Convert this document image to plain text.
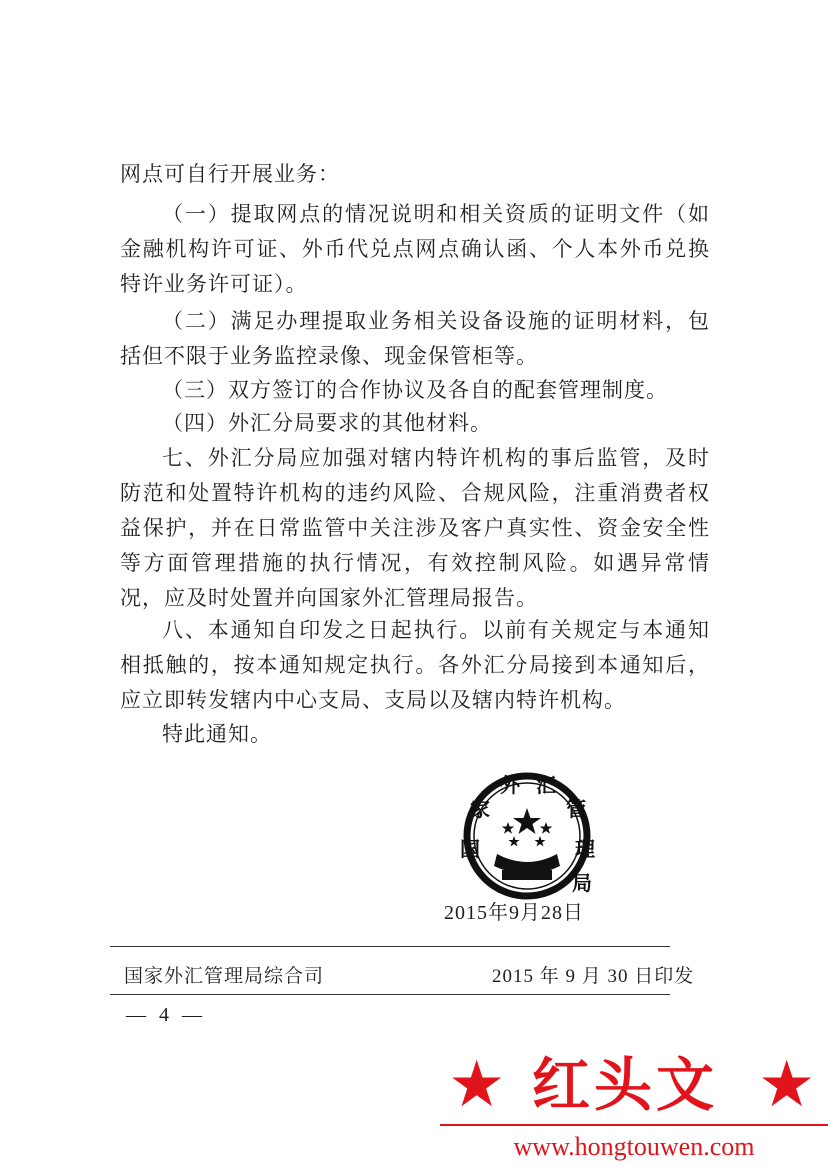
网点可自行开展业务：

（一）提取网点的情况说明和相关资质的证明文件（如金融机构许可证、外币代兑点网点确认函、个人本外币兑换特许业务许可证）。

（二）满足办理提取业务相关设备设施的证明材料，包括但不限于业务监控录像、现金保管柜等。

（三）双方签订的合作协议及各自的配套管理制度。

（四）外汇分局要求的其他材料。

七、外汇分局应加强对辖内特许机构的事后监管，及时防范和处置特许机构的违约风险、合规风险，注重消费者权益保护，并在日常监管中关注涉及客户真实性、资金安全性等方面管理措施的执行情况，有效控制风险。如遇异常情况，应及时处置并向国家外汇管理局报告。

八、本通知自印发之日起执行。以前有关规定与本通知相抵触的，按本通知规定执行。各外汇分局接到本通知后，应立即转发辖内中心支局、支局以及辖内特许机构。

特此通知。

国
家
外 汇
管
理
局
2015年9月28日
国家外汇管理局综合司	2015 年 9 月 30 日印发
— 4 —
★ 红头文 ★
www.hongtouwen.com
